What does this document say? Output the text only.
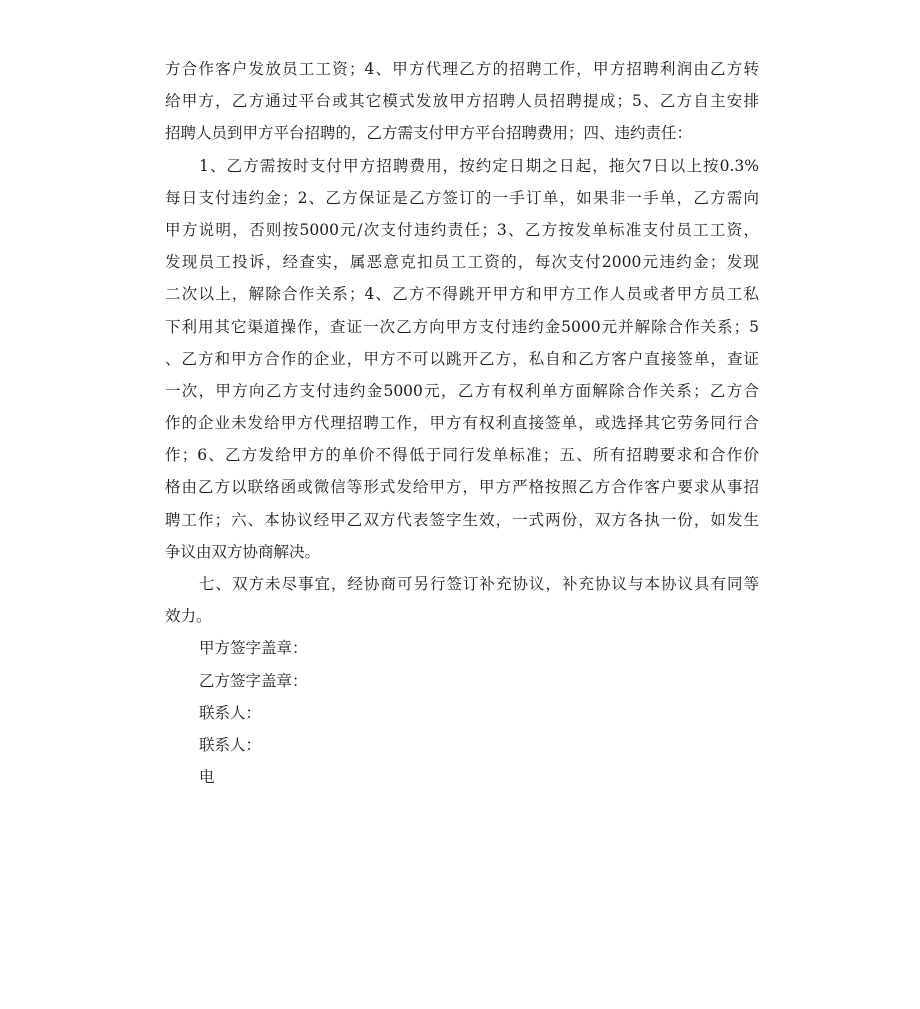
方合作客户发放员工工资；4、甲方代理乙方的招聘工作，甲方招聘利润由乙方转
给甲方，乙方通过平台或其它模式发放甲方招聘人员招聘提成；5、乙方自主安排
招聘人员到甲方平台招聘的，乙方需支付甲方平台招聘费用；四、违约责任：
1、乙方需按时支付甲方招聘费用，按约定日期之日起，拖欠7日以上按0.3%
每日支付违约金；2、乙方保证是乙方签订的一手订单，如果非一手单，乙方需向
甲方说明，否则按5000元/次支付违约责任；3、乙方按发单标准支付员工工资，
发现员工投诉，经查实，属恶意克扣员工工资的，每次支付2000元违约金；发现
二次以上，解除合作关系；4、乙方不得跳开甲方和甲方工作人员或者甲方员工私
下利用其它渠道操作，查证一次乙方向甲方支付违约金5000元并解除合作关系；5
、乙方和甲方合作的企业，甲方不可以跳开乙方，私自和乙方客户直接签单，查证
一次，甲方向乙方支付违约金5000元，乙方有权利单方面解除合作关系；乙方合
作的企业未发给甲方代理招聘工作，甲方有权利直接签单，或选择其它劳务同行合
作；6、乙方发给甲方的单价不得低于同行发单标准；五、所有招聘要求和合作价
格由乙方以联络函或微信等形式发给甲方，甲方严格按照乙方合作客户要求从事招
聘工作；六、本协议经甲乙双方代表签字生效，一式两份，双方各执一份，如发生
争议由双方协商解决。
七、双方未尽事宜，经协商可另行签订补充协议，补充协议与本协议具有同等
效力。
甲方签字盖章：
乙方签字盖章：
联系人：
联系人：
电
